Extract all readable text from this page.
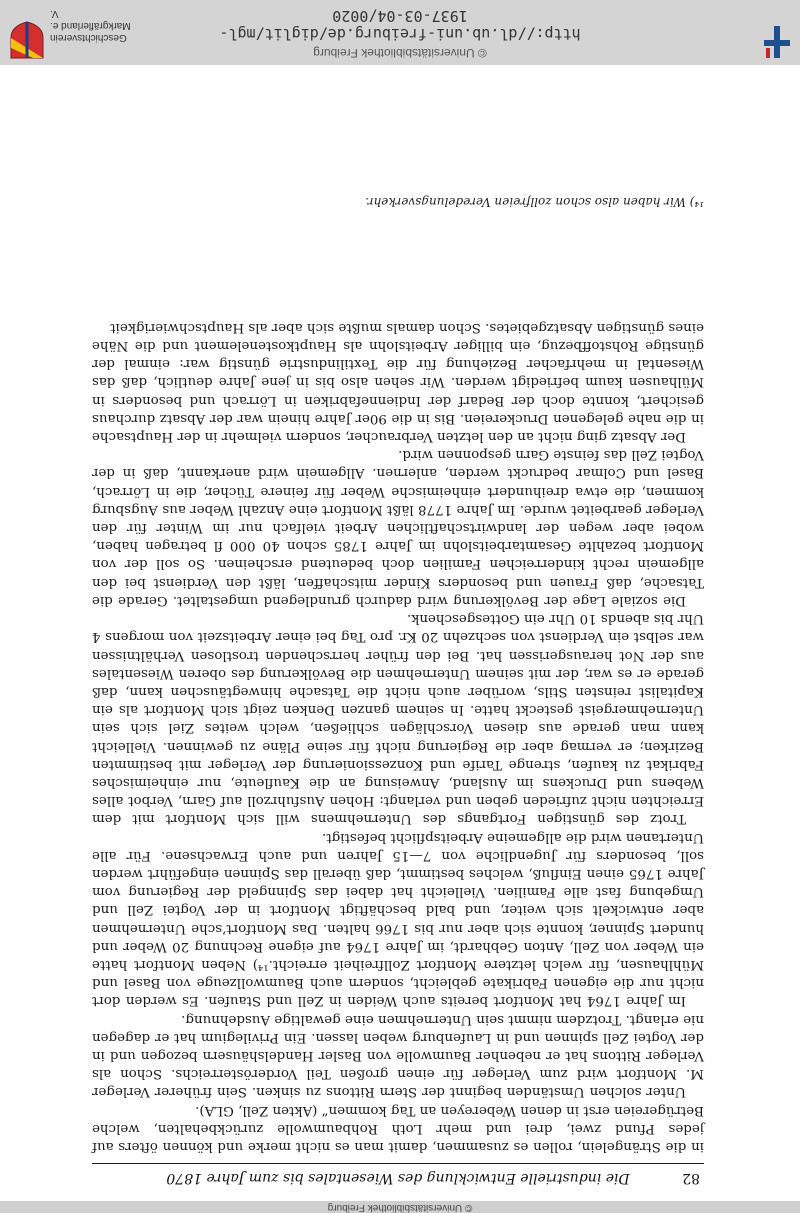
© Universitätsbibliothek Freiburg
82
Die industrielle Entwicklung des Wiesentales bis zum Jahre 1870

in die Strängelein, rollen es zusammen, damit man es nicht merke und können öfters auf jedes Pfund zwei, drei und mehr Loth Rohbaumwolle zurückbehalten, welche Betrügereien erst in denen Webereyen an Tag kommen“ (Akten Zell, GLA).

Unter solchen Umständen beginnt der Stern Rittons zu sinken. Sein früherer Verleger M. Montfort wird zum Verleger für einen großen Teil Vorderösterreichs. Schon als Verleger Rittons hat er nebenher Baumwolle von Basler Handelshäusern bezogen und in der Vogtei Zell spinnen und in Laufenburg weben lassen. Ein Privilegium hat er dagegen nie erlangt. Trotzdem nimmt sein Unternehmen eine gewaltige Ausdehnung.

Im Jahre 1764 hat Montfort bereits auch Weiden in Zell und Staufen. Es werden dort nicht nur die eigenen Fabrikate gebleicht, sondern auch Baumwollzeuge von Basel und Mühlhausen, für welch letztere Montfort Zollfreiheit erreicht.¹⁴) Neben Montfort hatte ein Weber von Zell, Anton Gebhardt, im Jahre 1764 auf eigene Rechnung 20 Weber und hundert Spinner, konnte sich aber nur bis 1766 halten. Das Montfort’sche Unternehmen aber entwickelt sich weiter, und bald beschäftigt Montfort in der Vogtei Zell und Umgebung fast alle Familien. Vielleicht hat dabei das Spinngeld der Regierung vom Jahre 1765 einen Einfluß, welches bestimmt, daß überall das Spinnen eingeführt werden soll, besonders für Jugendliche von 7—15 Jahren und auch Erwachsene. Für alle Untertanen wird die allgemeine Arbeitspflicht befestigt.

Trotz des günstigen Fortgangs des Unternehmens will sich Montfort mit dem Erreichten nicht zufrieden geben und verlangt: Hohen Ausfuhrzoll auf Garn, Verbot alles Webens und Druckens im Ausland, Anweisung an die Kaufleute, nur einheimisches Fabrikat zu kaufen, strenge Tarife und Konzessionierung der Verleger mit bestimmten Bezirken; er vermag aber die Regierung nicht für seine Pläne zu gewinnen. Vielleicht kann man gerade aus diesen Vorschlägen schließen, welch weites Ziel sich sein Unternehmergeist gesteckt hatte. In seinem ganzen Denken zeigt sich Montfort als ein Kapitalist reinsten Stils, worüber auch nicht die Tatsache hinwegtäuschen kann, daß gerade er es war, der mit seinem Unternehmen die Bevölkerung des oberen Wiesentales aus der Not herausgerissen hat. Bei den früher herrschenden trostlosen Verhältnissen war selbst ein Verdienst von sechzehn 20 Kr. pro Tag bei einer Arbeitszeit von morgens 4 Uhr bis abends 10 Uhr ein Gottesgeschenk.

Die soziale Lage der Bevölkerung wird dadurch grundlegend umgestaltet. Gerade die Tatsache, daß Frauen und besonders Kinder mitschaffen, läßt den Verdienst bei den allgemein recht kinderreichen Familien doch bedeutend erscheinen. So soll der von Montfort bezahlte Gesamtarbeitslohn im Jahre 1785 schon 40 000 fl betragen haben, wobei aber wegen der landwirtschaftlichen Arbeit vielfach nur im Winter für den Verleger gearbeitet wurde. Im Jahre 1778 läßt Montfort eine Anzahl Weber aus Augsburg kommen, die etwa dreihundert einheimische Weber für feinere Tücher, die in Lörrach, Basel und Colmar bedruckt werden, anlernen. Allgemein wird anerkannt, daß in der Vogtei Zell das feinste Garn gesponnen wird.

Der Absatz ging nicht an den letzten Verbraucher, sondern vielmehr in der Hauptsache in die nahe gelegenen Druckereien. Bis in die 90er Jahre hinein war der Absatz durchaus gesichert, konnte doch der Bedarf der Indiennefabriken in Lörrach und besonders in Mülhausen kaum befriedigt werden. Wir sehen also bis in jene Jahre deutlich, daß das Wiesental in mehrfacher Beziehung für die Textilindustrie günstig war: einmal der günstige Rohstoffbezug, ein billiger Arbeitslohn als Hauptkostenelement und die Nähe eines günstigen Absatzgebietes. Schon damals mußte sich aber als Hauptschwierigkeit

¹⁴) Wir haben also schon zollfreien Veredelungsverkehr.
© Universitätsbibliothek Freiburg
http://dl.ub.uni-freiburg.de/diglit/mgl-1937-03-04/0020
Geschichtsverein Markgräflerland e. V.
